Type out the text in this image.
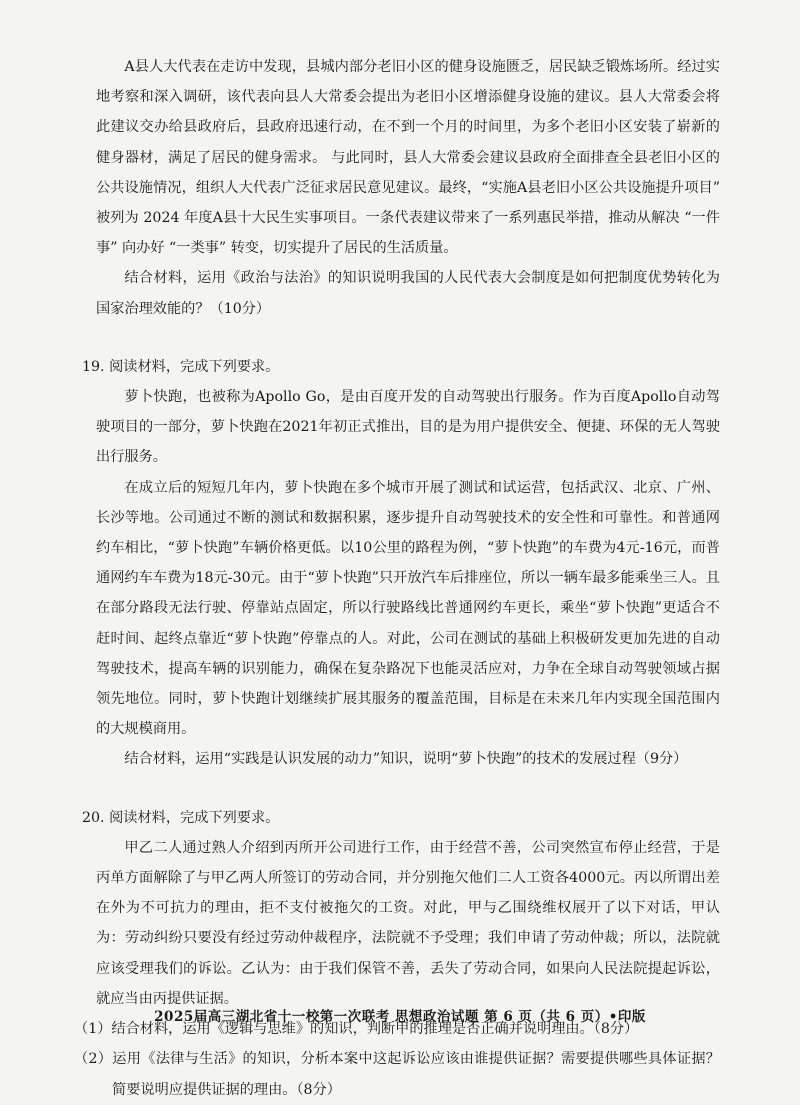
A县人大代表在走访中发现，县城内部分老旧小区的健身设施匮乏，居民缺乏锻炼场所。经过实地考察和深入调研，该代表向县人大常委会提出为老旧小区增添健身设施的建议。县人大常委会将此建议交办给县政府后，县政府迅速行动，在不到一个月的时间里，为多个老旧小区安装了崭新的健身器材，满足了居民的健身需求。 与此同时，县人大常委会建议县政府全面排查全县老旧小区的公共设施情况，组织人大代表广泛征求居民意见建议。最终，“实施A县老旧小区公共设施提升项目” 被列为 2024 年度A县十大民生实事项目。一条代表建议带来了一系列惠民举措，推动从解决 “一件事” 向办好 “一类事” 转变，切实提升了居民的生活质量。

结合材料，运用《政治与法治》的知识说明我国的人民代表大会制度是如何把制度优势转化为国家治理效能的？（10分）

19. 阅读材料，完成下列要求。

萝卜快跑，也被称为Apollo Go，是由百度开发的自动驾驶出行服务。作为百度Apollo自动驾驶项目的一部分，萝卜快跑在2021年初正式推出，目的是为用户提供安全、便捷、环保的无人驾驶出行服务。

在成立后的短短几年内，萝卜快跑在多个城市开展了测试和试运营，包括武汉、北京、广州、长沙等地。公司通过不断的测试和数据积累，逐步提升自动驾驶技术的安全性和可靠性。和普通网约车相比，“萝卜快跑”车辆价格更低。以10公里的路程为例，“萝卜快跑”的车费为4元-16元，而普通网约车车费为18元-30元。由于“萝卜快跑”只开放汽车后排座位，所以一辆车最多能乘坐三人。且在部分路段无法行驶、停靠站点固定，所以行驶路线比普通网约车更长，乘坐“萝卜快跑”更适合不赶时间、起终点靠近“萝卜快跑”停靠点的人。对此，公司在测试的基础上积极研发更加先进的自动驾驶技术，提高车辆的识别能力，确保在复杂路况下也能灵活应对，力争在全球自动驾驶领域占据领先地位。同时，萝卜快跑计划继续扩展其服务的覆盖范围，目标是在未来几年内实现全国范围内的大规模商用。

结合材料，运用“实践是认识发展的动力”知识，说明“萝卜快跑”的技术的发展过程（9分）

20. 阅读材料，完成下列要求。

甲乙二人通过熟人介绍到丙所开公司进行工作，由于经营不善，公司突然宣布停止经营，于是丙单方面解除了与甲乙两人所签订的劳动合同，并分别拖欠他们二人工资各4000元。丙以所谓出差在外为不可抗力的理由，拒不支付被拖欠的工资。对此，甲与乙围绕维权展开了以下对话，甲认为：劳动纠纷只要没有经过劳动仲裁程序，法院就不予受理；我们申请了劳动仲裁；所以，法院就应该受理我们的诉讼。乙认为：由于我们保管不善，丢失了劳动合同，如果向人民法院提起诉讼，就应当由丙提供证据。

（1）结合材料，运用《逻辑与思维》的知识，判断甲的推理是否正确并说明理由。（8分）

（2）运用《法律与生活》的知识，分析本案中这起诉讼应该由谁提供证据？需要提供哪些具体证据？简要说明应提供证据的理由。（8分）

2025届高三湖北省十一校第一次联考 思想政治试题 第 6 页（共 6 页）•印版
